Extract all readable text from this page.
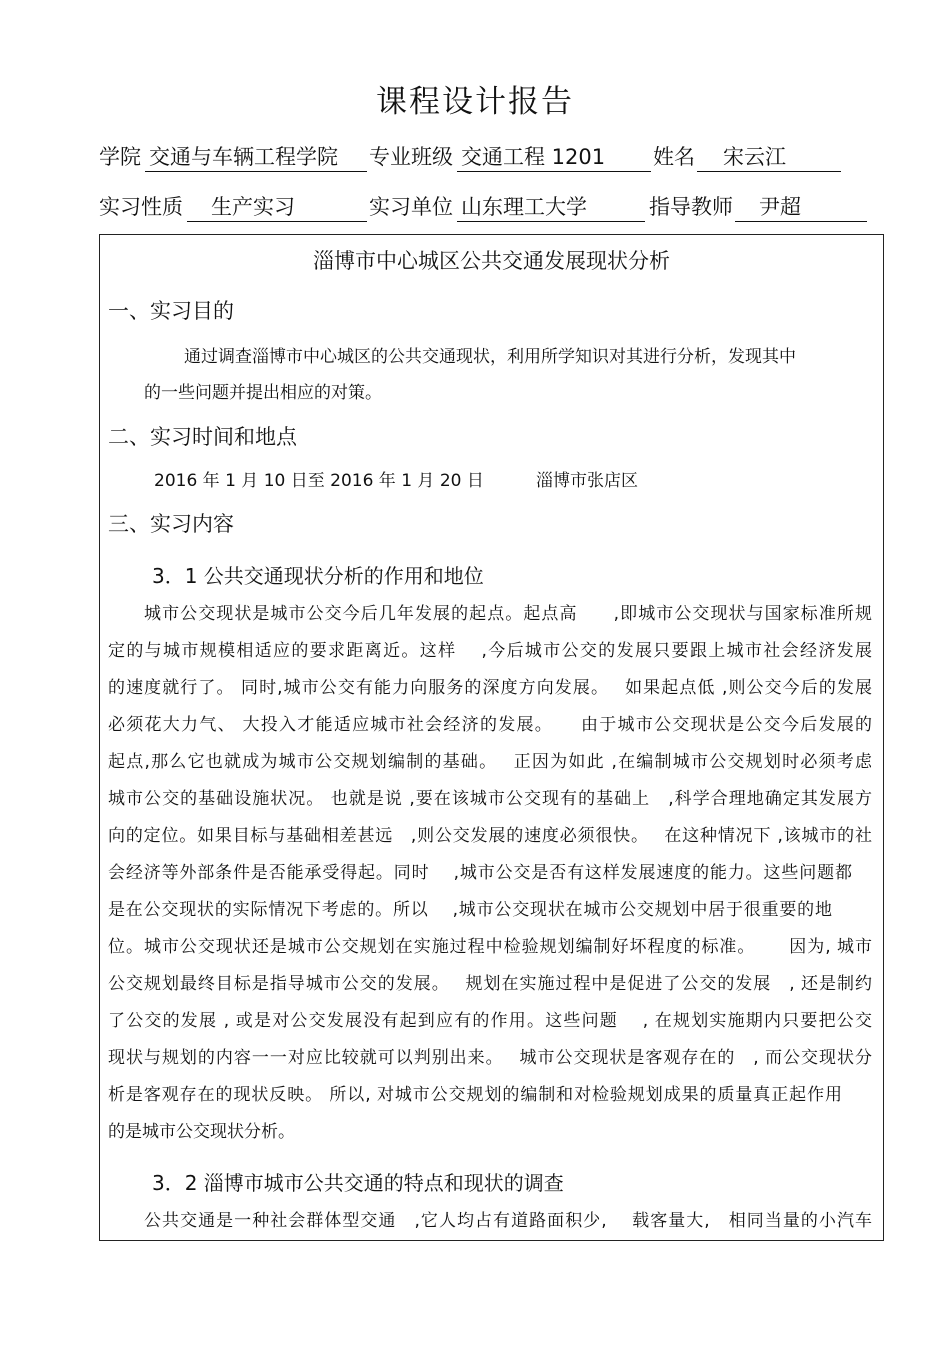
课程设计报告
学院 交通与车辆工程学院	专业班级 交通工程 1201	姓名	宋云江
实习性质	生产实习	实习单位 山东理工大学	指导教师	尹超
淄博市中心城区公共交通发展现状分析
一、实习目的
通过调查淄博市中心城区的公共交通现状，利用所学知识对其进行分析，发现其中
的一些问题并提出相应的对策。
二、实习时间和地点
2016 年 1 月 10 日至 2016 年 1 月 20 日	淄博市张店区
三、实习内容
3．1 公共交通现状分析的作用和地位
城市公交现状是城市公交今后几年发展的起点。起点高　　,即城市公交现状与国家标准所规
定的与城市规模相适应的要求距离近。这样　 ,今后城市公交的发展只要跟上城市社会经济发展
的速度就行了。 同时,城市公交有能力向服务的深度方向发展。　 如果起点低 ,则公交今后的发展
必须花大力气、 大投入才能适应城市社会经济的发展。　　由于城市公交现状是公交今后发展的
起点,那么它也就成为城市公交规划编制的基础。　 正因为如此 ,在编制城市公交规划时必须考虑
城市公交的基础设施状况。 也就是说 ,要在该城市公交现有的基础上　,科学合理地确定其发展方
向的定位。如果目标与基础相差甚远　,则公交发展的速度必须很快。　 在这种情况下 ,该城市的社
会经济等外部条件是否能承受得起。同时　 ,城市公交是否有这样发展速度的能力。这些问题都
是在公交现状的实际情况下考虑的。所以　 ,城市公交现状在城市公交规划中居于很重要的地
位。城市公交现状还是城市公交规划在实施过程中检验规划编制好坏程度的标准。　　 因为, 城市
公交规划最终目标是指导城市公交的发展。　 规划在实施过程中是促进了公交的发展　, 还是制约
了公交的发展 , 或是对公交发展没有起到应有的作用。这些问题　 , 在规划实施期内只要把公交
现状与规划的内容一一对应比较就可以判别出来。　 城市公交现状是客观存在的　, 而公交现状分
析是客观存在的现状反映。 所以, 对城市公交规划的编制和对检验规划成果的质量真正起作用
的是城市公交现状分析。
3．2 淄博市城市公共交通的特点和现状的调查
公共交通是一种社会群体型交通　,它人均占有道路面积少,　 载客量大,　相同当量的小汽车
